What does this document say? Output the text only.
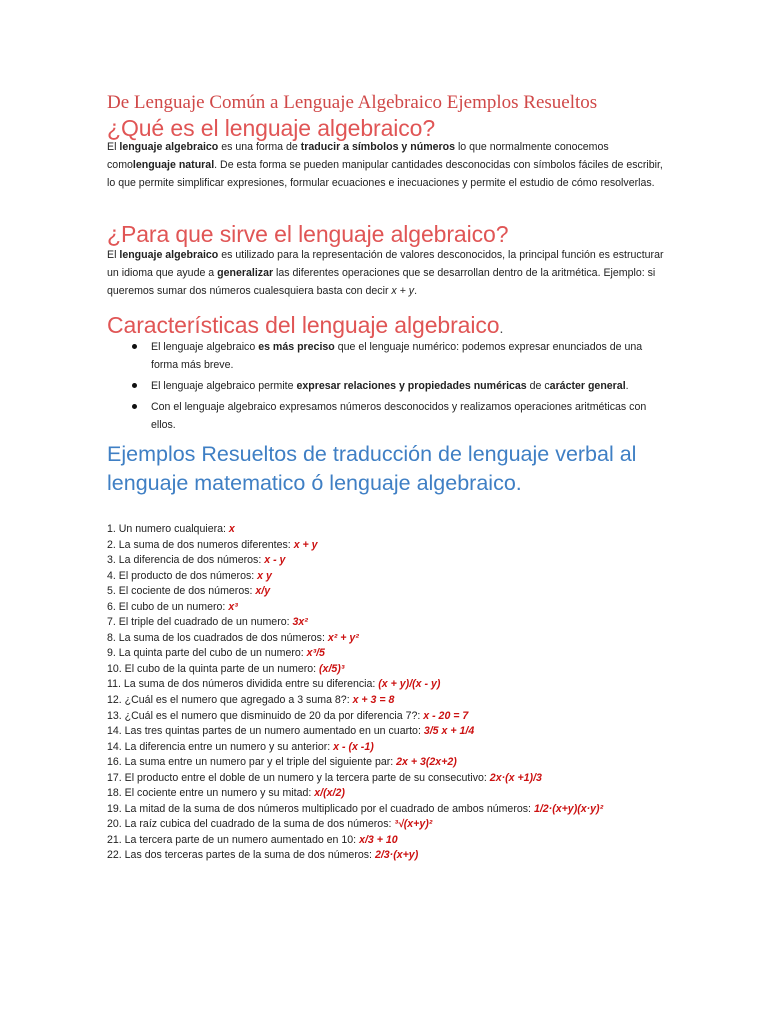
De Lenguaje Común a Lenguaje Algebraico Ejemplos Resueltos
¿Qué es el lenguaje algebraico?

El lenguaje algebraico es una forma de traducir a símbolos y números lo que normalmente conocemos comolenguaje natural. De esta forma se pueden manipular cantidades desconocidas con símbolos fáciles de escribir, lo que permite simplificar expresiones, formular ecuaciones e inecuaciones y permite el estudio de cómo resolverlas.

¿Para que sirve el lenguaje algebraico?

El lenguaje algebraico es utilizado para la representación de valores desconocidos, la principal función es estructurar un idioma que ayude a generalizar las diferentes operaciones que se desarrollan dentro de la aritmética. Ejemplo: si queremos sumar dos números cualesquiera basta con decir x + y.

Características del lenguaje algebraico.
El lenguaje algebraico es más preciso que el lenguaje numérico: podemos expresar enunciados de una forma más breve.
El lenguaje algebraico permite expresar relaciones y propiedades numéricas de carácter general.
Con el lenguaje algebraico expresamos números desconocidos y realizamos operaciones aritméticas con ellos.
Ejemplos Resueltos de traducción de lenguaje verbal al lenguaje matematico ó lenguaje algebraico.
1. Un numero cualquiera: x
2. La suma de dos numeros diferentes: x + y
3. La diferencia de dos números: x - y
4. El producto de dos números: x y
5. El cociente de dos números: x/y
6. El cubo de un numero: x³
7. El triple del cuadrado de un numero: 3x²
8. La suma de los cuadrados de dos números: x² + y²
9. La quinta parte del cubo de un numero: x³/5
10. El cubo de la quinta parte de un numero: (x/5)³
11. La suma de dos números dividida entre su diferencia: (x + y)/(x - y)
12. ¿Cuál es el numero que agregado a 3 suma 8?: x + 3 = 8
13. ¿Cuál es el numero que disminuido de 20 da por diferencia 7?: x - 20 = 7
14. Las tres quintas partes de un numero aumentado en un cuarto: 3/5 x + 1/4
14. La diferencia entre un numero y su anterior: x - (x -1)
16. La suma entre un numero par y el triple del siguiente par: 2x + 3(2x+2)
17. El producto entre el doble de un numero y la tercera parte de su consecutivo: 2x·(x +1)/3
18. El cociente entre un numero y su mitad: x/(x/2)
19. La mitad de la suma de dos números multiplicado por el cuadrado de ambos números: 1/2·(x+y)(x·y)²
20. La raíz cubica del cuadrado de la suma de dos números: ³√(x+y)²
21. La tercera parte de un numero aumentado en 10: x/3 + 10
22. Las dos terceras partes de la suma de dos números: 2/3·(x+y)
